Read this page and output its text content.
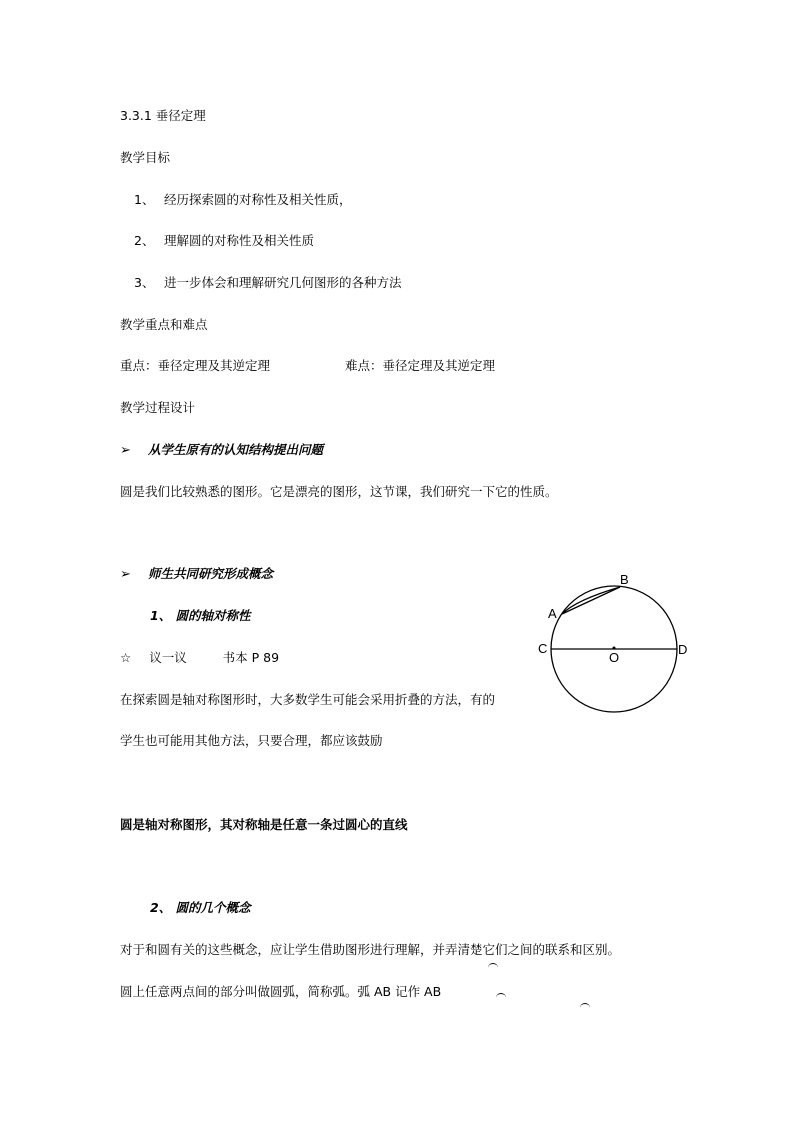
3.3.1 垂径定理
教学目标
1、 经历探索圆的对称性及相关性质，
2、 理解圆的对称性及相关性质
3、 进一步体会和理解研究几何图形的各种方法
教学重点和难点
重点：垂径定理及其逆定理	难点：垂径定理及其逆定理
教学过程设计
➢ 从学生原有的认知结构提出问题
圆是我们比较熟悉的图形。它是漂亮的图形，这节课，我们研究一下它的性质。
➢ 师生共同研究形成概念
1、 圆的轴对称性
☆ 议一议	书本 P 89
在探索圆是轴对称图形时，大多数学生可能会采用折叠的方法，有的
学生也可能用其他方法，只要合理，都应该鼓励
圆是轴对称图形，其对称轴是任意一条过圆心的直线
2、 圆的几个概念
对于和圆有关的这些概念，应让学生借助图形进行理解，并弄清楚它们之间的联系和区别。
圆上任意两点间的部分叫做圆弧，简称弧。弧 AB 记作 AB
B
A
C	D
O
